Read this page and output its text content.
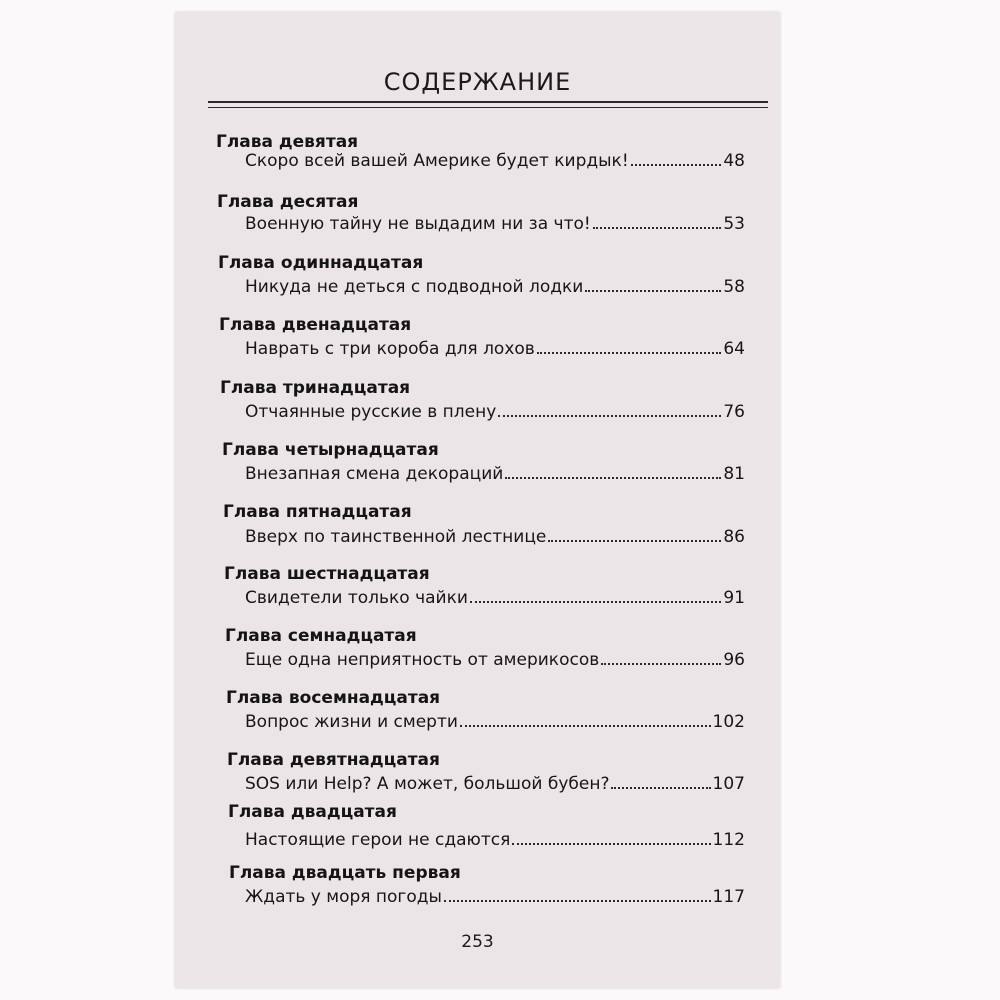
СОДЕРЖАНИЕ
Глава девятая
Скоро всей вашей Америке будет кирдык!	48
Глава десятая
Военную тайну не выдадим ни за что!	53
Глава одиннадцатая
Никуда не деться с подводной лодки	58
Глава двенадцатая
Наврать с три короба для лохов	64
Глава тринадцатая
Отчаянные русские в плену	76
Глава четырнадцатая
Внезапная смена декораций	81
Глава пятнадцатая
Вверх по таинственной лестнице	86
Глава шестнадцатая
Свидетели только чайки	91
Глава семнадцатая
Еще одна неприятность от америкосов	96
Глава восемнадцатая
Вопрос жизни и смерти	102
Глава девятнадцатая
SOS или Help? А может, большой бубен?	107
Глава двадцатая
Настоящие герои не сдаются	112
Глава двадцать первая
Ждать у моря погоды	117
253
